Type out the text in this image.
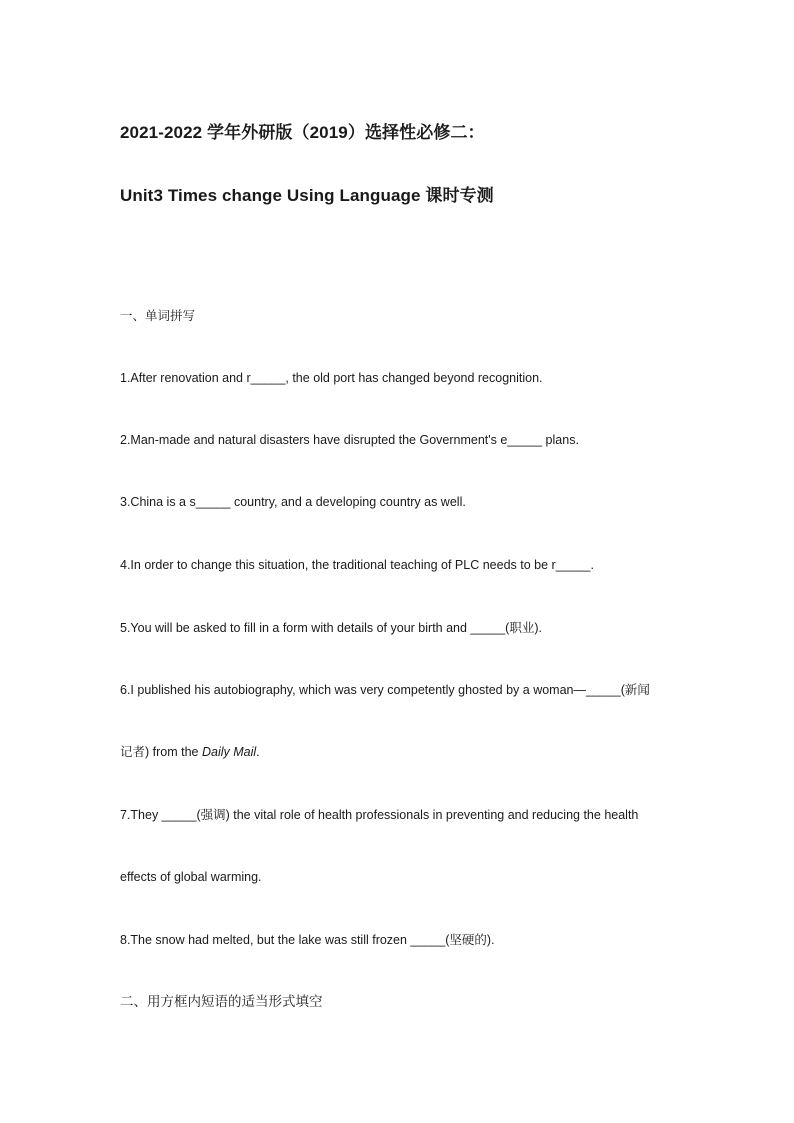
2021-2022 学年外研版（2019）选择性必修二：
Unit3 Times change Using Language 课时专测
一、单词拼写
1.After renovation and r_____, the old port has changed beyond recognition.
2.Man-made and natural disasters have disrupted the Government's e_____ plans.
3.China is a s_____ country, and a developing country as well.
4.In order to change this situation, the traditional teaching of PLC needs to be r_____.
5.You will be asked to fill in a form with details of your birth and _____(职业).
6.I published his autobiography, which was very competently ghosted by a woman—_____(新闻
记者) from the Daily Mail.
7.They _____(强调) the vital role of health professionals in preventing and reducing the health
effects of global warming.
8.The snow had melted, but the lake was still frozen _____(坚硬的).
二、用方框内短语的适当形式填空
